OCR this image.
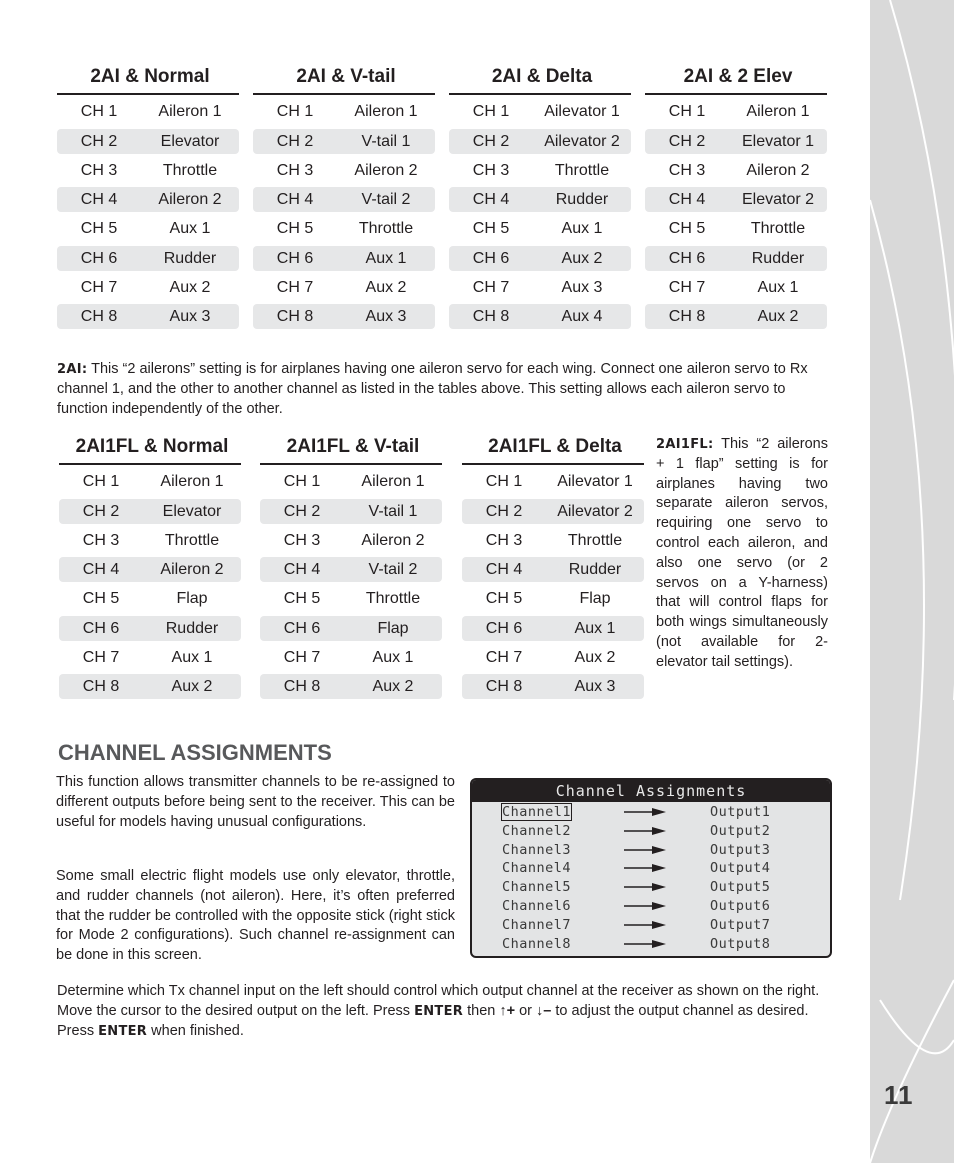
11
2AI & Normal
CH 1	Aileron 1
CH 2	Elevator
CH 3	Throttle
CH 4	Aileron 2
CH 5	Aux 1
CH 6	Rudder
CH 7	Aux 2
CH 8	Aux 3
2AI & V-tail
CH 1	Aileron 1
CH 2	V-tail 1
CH 3	Aileron 2
CH 4	V-tail 2
CH 5	Throttle
CH 6	Aux 1
CH 7	Aux 2
CH 8	Aux 3
2AI & Delta
CH 1	Ailevator 1
CH 2	Ailevator 2
CH 3	Throttle
CH 4	Rudder
CH 5	Aux 1
CH 6	Aux 2
CH 7	Aux 3
CH 8	Aux 4
2AI & 2 Elev
CH 1	Aileron 1
CH 2	Elevator 1
CH 3	Aileron 2
CH 4	Elevator 2
CH 5	Throttle
CH 6	Rudder
CH 7	Aux 1
CH 8	Aux 2
2AI: This “2 ailerons” setting is for airplanes having one aileron servo for each wing. Connect one aileron servo to Rx channel 1, and the other to another channel as listed in the tables above. This setting allows each aileron servo to function independently of the other.
2AI1FL & Normal
CH 1	Aileron 1
CH 2	Elevator
CH 3	Throttle
CH 4	Aileron 2
CH 5	Flap
CH 6	Rudder
CH 7	Aux 1
CH 8	Aux 2
2AI1FL & V-tail
CH 1	Aileron 1
CH 2	V-tail 1
CH 3	Aileron 2
CH 4	V-tail 2
CH 5	Throttle
CH 6	Flap
CH 7	Aux 1
CH 8	Aux 2
2AI1FL & Delta
CH 1	Ailevator 1
CH 2	Ailevator 2
CH 3	Throttle
CH 4	Rudder
CH 5	Flap
CH 6	Aux 1
CH 7	Aux 2
CH 8	Aux 3
2AI1FL: This “2 ailerons + 1 flap” setting is for airplanes having two separate aileron servos, requiring one servo to control each aileron, and also one servo (or 2 servos on a Y-harness) that will control flaps for both wings simultaneously (not available for 2-elevator tail settings).
CHANNEL ASSIGNMENTS
This function allows transmitter channels to be re-assigned to different outputs before being sent to the receiver. This can be useful for models having unusual configurations.
Some small electric flight models use only elevator, throttle, and rudder channels (not aileron). Here, it’s often preferred that the rudder be controlled with the opposite stick (right stick for Mode 2 configurations). Such channel re-assignment can be done in this screen.
Channel Assignments
Channel1	Output1
Channel2	Output2
Channel3	Output3
Channel4	Output4
Channel5	Output5
Channel6	Output6
Channel7	Output7
Channel8	Output8
Determine which Tx channel input on the left should control which output channel at the receiver as shown on the right. Move the cursor to the desired output on the left. Press ENTER then ↑+ or ↓– to adjust the output channel as desired. Press ENTER when finished.
